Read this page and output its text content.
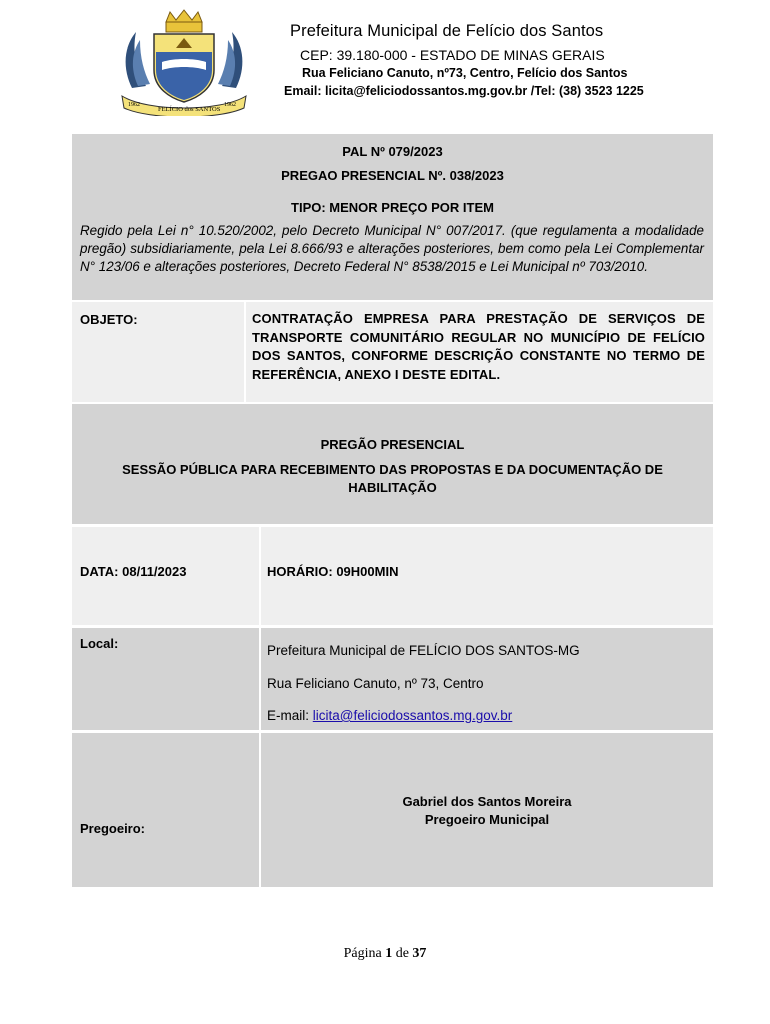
1962
FELÍCIO dos SANTOS
1962
Prefeitura Municipal de Felício dos Santos
CEP: 39.180-000 - ESTADO DE MINAS GERAIS
Rua Feliciano Canuto, nº73, Centro, Felício dos Santos
Email: licita@feliciodossantos.mg.gov.br /Tel: (38) 3523 1225
PAL Nº 079/2023
PREGAO PRESENCIAL Nº. 038/2023
TIPO: MENOR PREÇO POR ITEM
Regido pela Lei n° 10.520/2002, pelo Decreto Municipal N° 007/2017. (que regulamenta a modalidade pregão) subsidiariamente, pela Lei 8.666/93 e alterações posteriores, bem como pela Lei Complementar N° 123/06 e alterações posteriores, Decreto Federal N° 8538/2015 e Lei Municipal nº 703/2010.
OBJETO:	CONTRATAÇÃO EMPRESA PARA PRESTAÇÃO DE SERVIÇOS DE TRANSPORTE COMUNITÁRIO REGULAR NO MUNICÍPIO DE FELÍCIO DOS SANTOS, CONFORME DESCRIÇÃO CONSTANTE NO TERMO DE REFERÊNCIA, ANEXO I DESTE EDITAL.
PREGÃO PRESENCIAL
SESSÃO PÚBLICA PARA RECEBIMENTO DAS PROPOSTAS E DA DOCUMENTAÇÃO DE HABILITAÇÃO
DATA: 08/11/2023	HORÁRIO: 09H00MIN
Local:	Prefeitura Municipal de FELÍCIO DOS SANTOS-MG
Rua Feliciano Canuto, nº 73, Centro
E-mail: licita@feliciodossantos.mg.gov.br
Pregoeiro:
Gabriel dos Santos Moreira
Pregoeiro Municipal
Página 1 de 37
